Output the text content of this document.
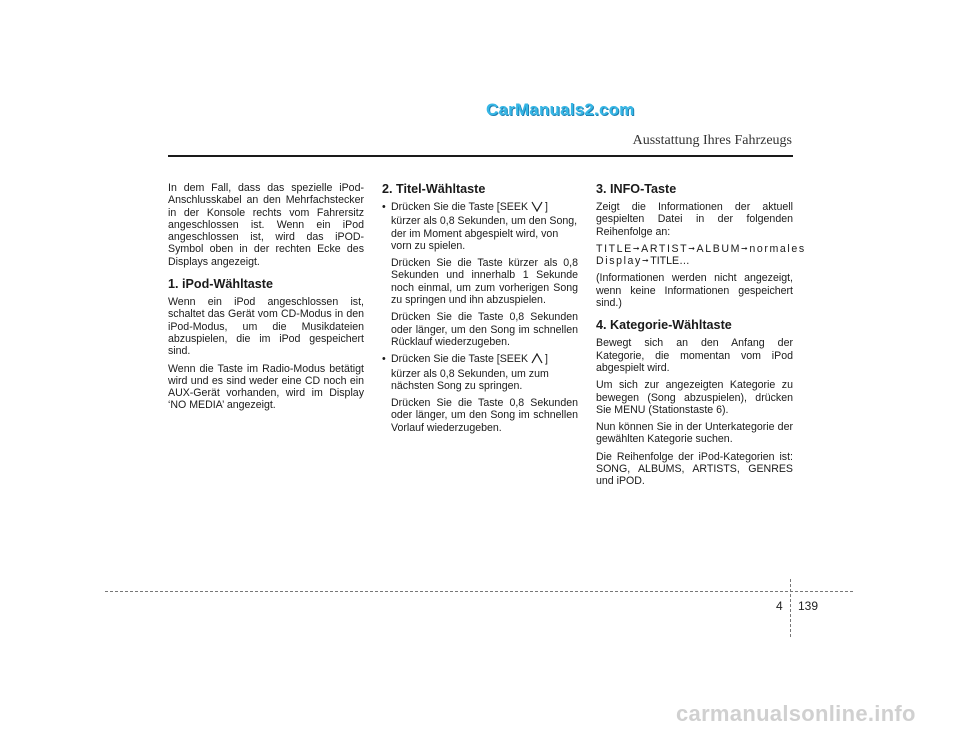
CarManuals2.com
Ausstattung Ihres Fahrzeugs

In dem Fall, dass das spezielle iPod-Anschlusskabel an den Mehrfachstecker in der Konsole rechts vom Fahrersitz angeschlossen ist. Wenn ein iPod angeschlossen ist, wird das iPOD-Symbol oben in der rechten Ecke des Displays angezeigt.

1. iPod-Wähltaste

Wenn ein iPod angeschlossen ist, schaltet das Gerät vom CD-Modus in den iPod-Modus, um die Musikdateien abzuspielen, die im iPod gespeichert sind.

Wenn die Taste im Radio-Modus betätigt wird und es sind weder eine CD noch ein AUX-Gerät vorhanden, wird im Display ‘NO MEDIA’ angezeigt.

2. Titel-Wähltaste
• Drücken Sie die Taste [SEEK ] kürzer als 0,8 Sekunden, um den Song, der im Moment abgespielt wird, von vorn zu spielen.

Drücken Sie die Taste kürzer als 0,8 Sekunden und innerhalb 1 Sekunde noch einmal, um zum vorherigen Song zu springen und ihn abzuspielen.

Drücken Sie die Taste 0,8 Sekunden oder länger, um den Song im schnellen Rücklauf wiederzugeben.

• Drücken Sie die Taste [SEEK ] kürzer als 0,8 Sekunden, um zum nächsten Song zu springen.

Drücken Sie die Taste 0,8 Sekunden oder länger, um den Song im schnellen Vorlauf wiederzugeben.

3. INFO-Taste

Zeigt die Informationen der aktuell gespielten Datei in der folgenden Reihenfolge an:

TITLE➞ARTIST➞ALBUM➞normales Display➞TITLE…

(Informationen werden nicht angezeigt, wenn keine Informationen gespeichert sind.)

4. Kategorie-Wähltaste

Bewegt sich an den Anfang der Kategorie, die momentan vom iPod abgespielt wird.

Um sich zur angezeigten Kategorie zu bewegen (Song abzuspielen), drücken Sie MENU (Stationstaste 6).

Nun können Sie in der Unterkategorie der gewählten Kategorie suchen.

Die Reihenfolge der iPod-Kategorien ist: SONG, ALBUMS, ARTISTS, GENRES und iPOD.

4 139
carmanualsonline.info
